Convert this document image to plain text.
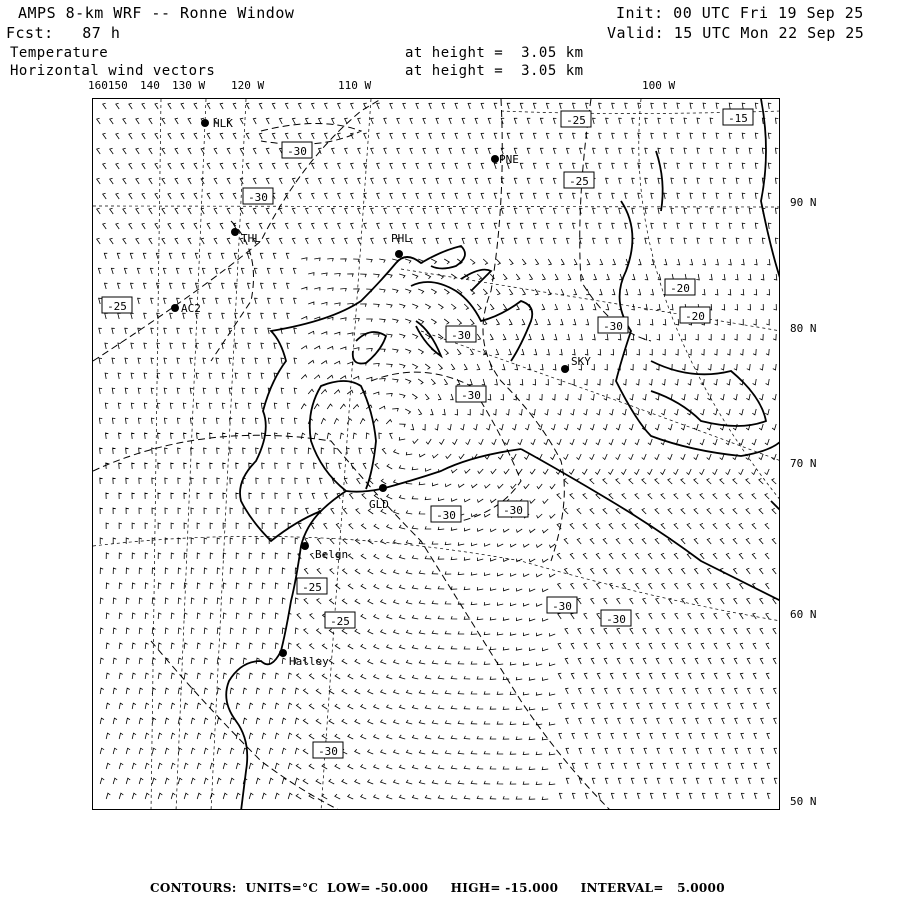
AMPS 8-km WRF -- Ronne Window
Fcst:   87 h
Init: 00 UTC Fri 19 Sep 25
Valid: 15 UTC Mon 22 Sep 25
Temperature
Horizontal wind vectors
at height =  3.05 km
at height =  3.05 km
160150 140 130 W 120 W	110 W	100 W
90 N
80 N
70 N
60 N
50 N
-25	-15
-30
-30
-25
-20
-20
-30
-25
-30
-30
-30	-30
-30
-30
-25
-25
-30
HLK
PNE
THL	PHL
AC2
SKY
GLD
Belgn
Halley
CONTOURS:  UNITS=°C  LOW= -50.000     HIGH= -15.000     INTERVAL=   5.0000
